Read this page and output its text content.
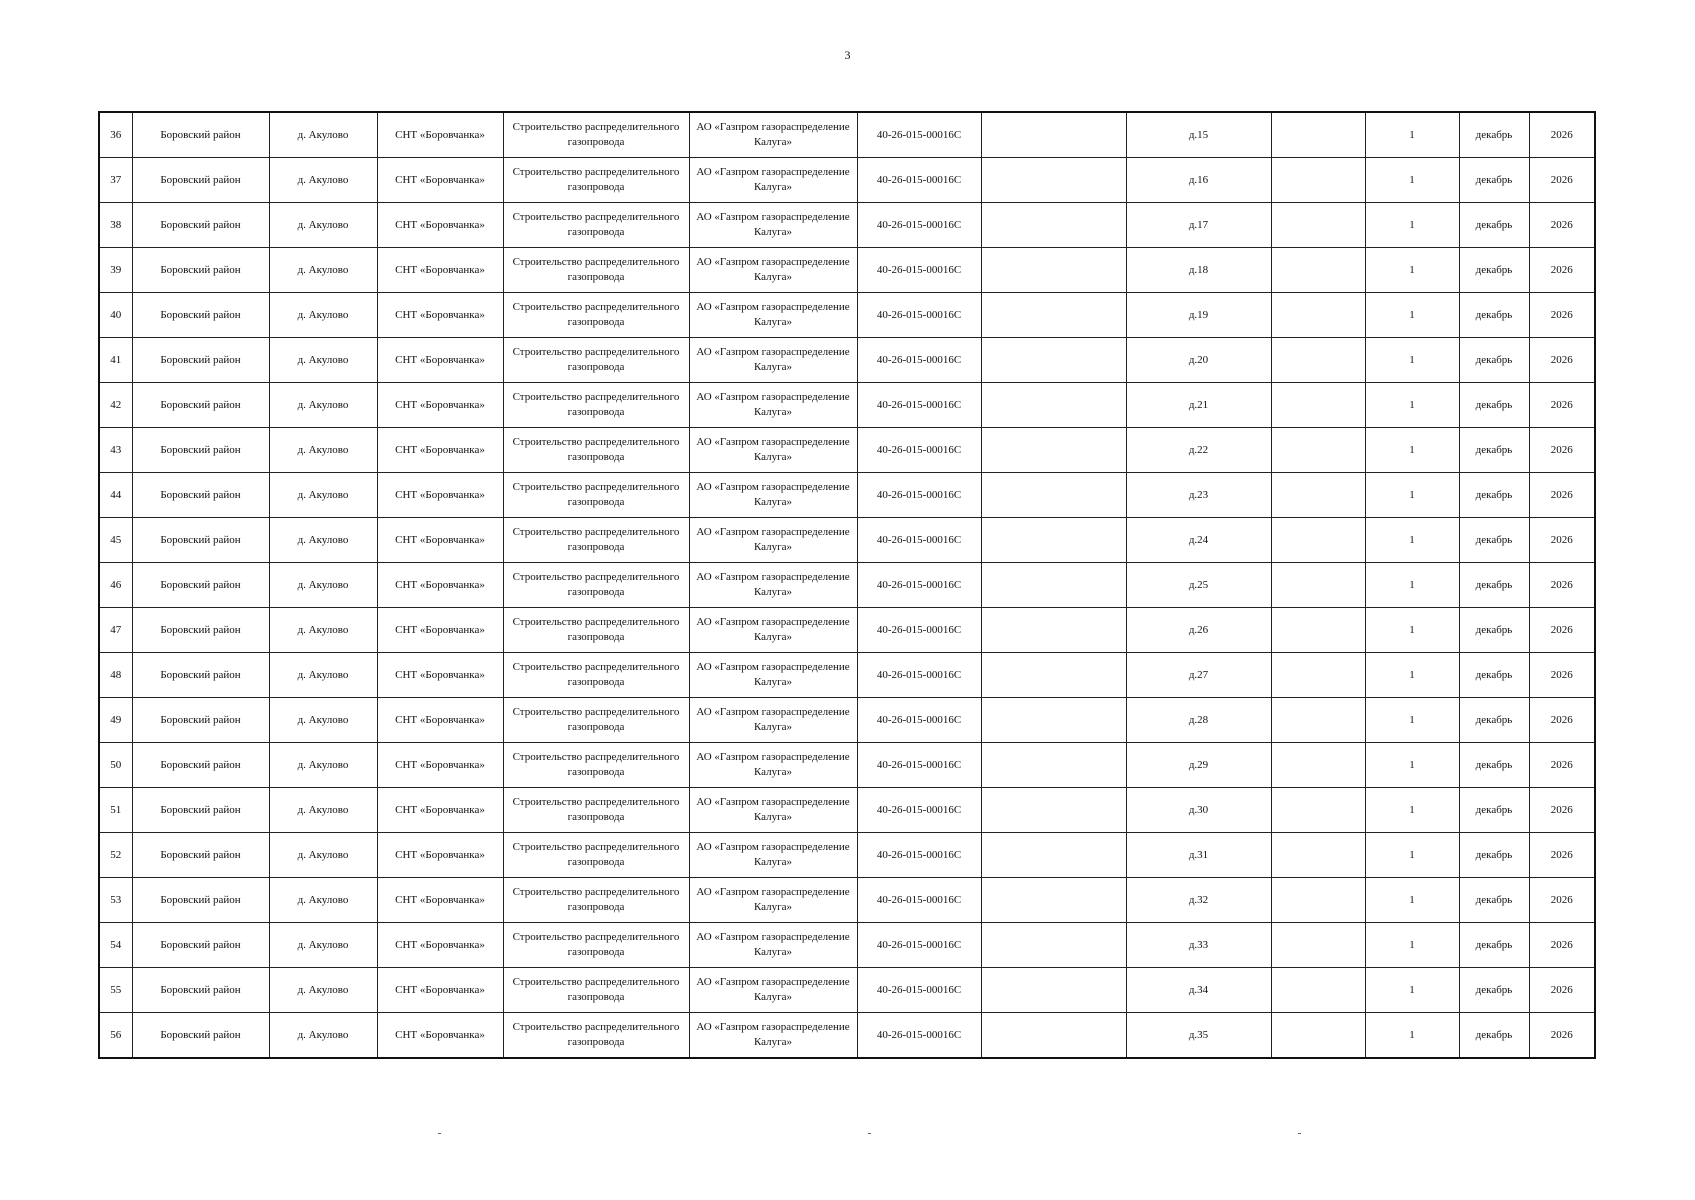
3
36	Боровский район	д. Акулово	СНТ «Боровчанка»	Строительство распределительного газопровода	АО «Газпром газораспределение Калуга»	40-26-015-00016С		д.15		1	декабрь	2026
37	Боровский район	д. Акулово	СНТ «Боровчанка»	Строительство распределительного газопровода	АО «Газпром газораспределение Калуга»	40-26-015-00016С		д.16		1	декабрь	2026
38	Боровский район	д. Акулово	СНТ «Боровчанка»	Строительство распределительного газопровода	АО «Газпром газораспределение Калуга»	40-26-015-00016С		д.17		1	декабрь	2026
39	Боровский район	д. Акулово	СНТ «Боровчанка»	Строительство распределительного газопровода	АО «Газпром газораспределение Калуга»	40-26-015-00016С		д.18		1	декабрь	2026
40	Боровский район	д. Акулово	СНТ «Боровчанка»	Строительство распределительного газопровода	АО «Газпром газораспределение Калуга»	40-26-015-00016С		д.19		1	декабрь	2026
41	Боровский район	д. Акулово	СНТ «Боровчанка»	Строительство распределительного газопровода	АО «Газпром газораспределение Калуга»	40-26-015-00016С		д.20		1	декабрь	2026
42	Боровский район	д. Акулово	СНТ «Боровчанка»	Строительство распределительного газопровода	АО «Газпром газораспределение Калуга»	40-26-015-00016С		д.21		1	декабрь	2026
43	Боровский район	д. Акулово	СНТ «Боровчанка»	Строительство распределительного газопровода	АО «Газпром газораспределение Калуга»	40-26-015-00016С		д.22		1	декабрь	2026
44	Боровский район	д. Акулово	СНТ «Боровчанка»	Строительство распределительного газопровода	АО «Газпром газораспределение Калуга»	40-26-015-00016С		д.23		1	декабрь	2026
45	Боровский район	д. Акулово	СНТ «Боровчанка»	Строительство распределительного газопровода	АО «Газпром газораспределение Калуга»	40-26-015-00016С		д.24		1	декабрь	2026
46	Боровский район	д. Акулово	СНТ «Боровчанка»	Строительство распределительного газопровода	АО «Газпром газораспределение Калуга»	40-26-015-00016С		д.25		1	декабрь	2026
47	Боровский район	д. Акулово	СНТ «Боровчанка»	Строительство распределительного газопровода	АО «Газпром газораспределение Калуга»	40-26-015-00016С		д.26		1	декабрь	2026
48	Боровский район	д. Акулово	СНТ «Боровчанка»	Строительство распределительного газопровода	АО «Газпром газораспределение Калуга»	40-26-015-00016С		д.27		1	декабрь	2026
49	Боровский район	д. Акулово	СНТ «Боровчанка»	Строительство распределительного газопровода	АО «Газпром газораспределение Калуга»	40-26-015-00016С		д.28		1	декабрь	2026
50	Боровский район	д. Акулово	СНТ «Боровчанка»	Строительство распределительного газопровода	АО «Газпром газораспределение Калуга»	40-26-015-00016С		д.29		1	декабрь	2026
51	Боровский район	д. Акулово	СНТ «Боровчанка»	Строительство распределительного газопровода	АО «Газпром газораспределение Калуга»	40-26-015-00016С		д.30		1	декабрь	2026
52	Боровский район	д. Акулово	СНТ «Боровчанка»	Строительство распределительного газопровода	АО «Газпром газораспределение Калуга»	40-26-015-00016С		д.31		1	декабрь	2026
53	Боровский район	д. Акулово	СНТ «Боровчанка»	Строительство распределительного газопровода	АО «Газпром газораспределение Калуга»	40-26-015-00016С		д.32		1	декабрь	2026
54	Боровский район	д. Акулово	СНТ «Боровчанка»	Строительство распределительного газопровода	АО «Газпром газораспределение Калуга»	40-26-015-00016С		д.33		1	декабрь	2026
55	Боровский район	д. Акулово	СНТ «Боровчанка»	Строительство распределительного газопровода	АО «Газпром газораспределение Калуга»	40-26-015-00016С		д.34		1	декабрь	2026
56	Боровский район	д. Акулово	СНТ «Боровчанка»	Строительство распределительного газопровода	АО «Газпром газораспределение Калуга»	40-26-015-00016С		д.35		1	декабрь	2026
